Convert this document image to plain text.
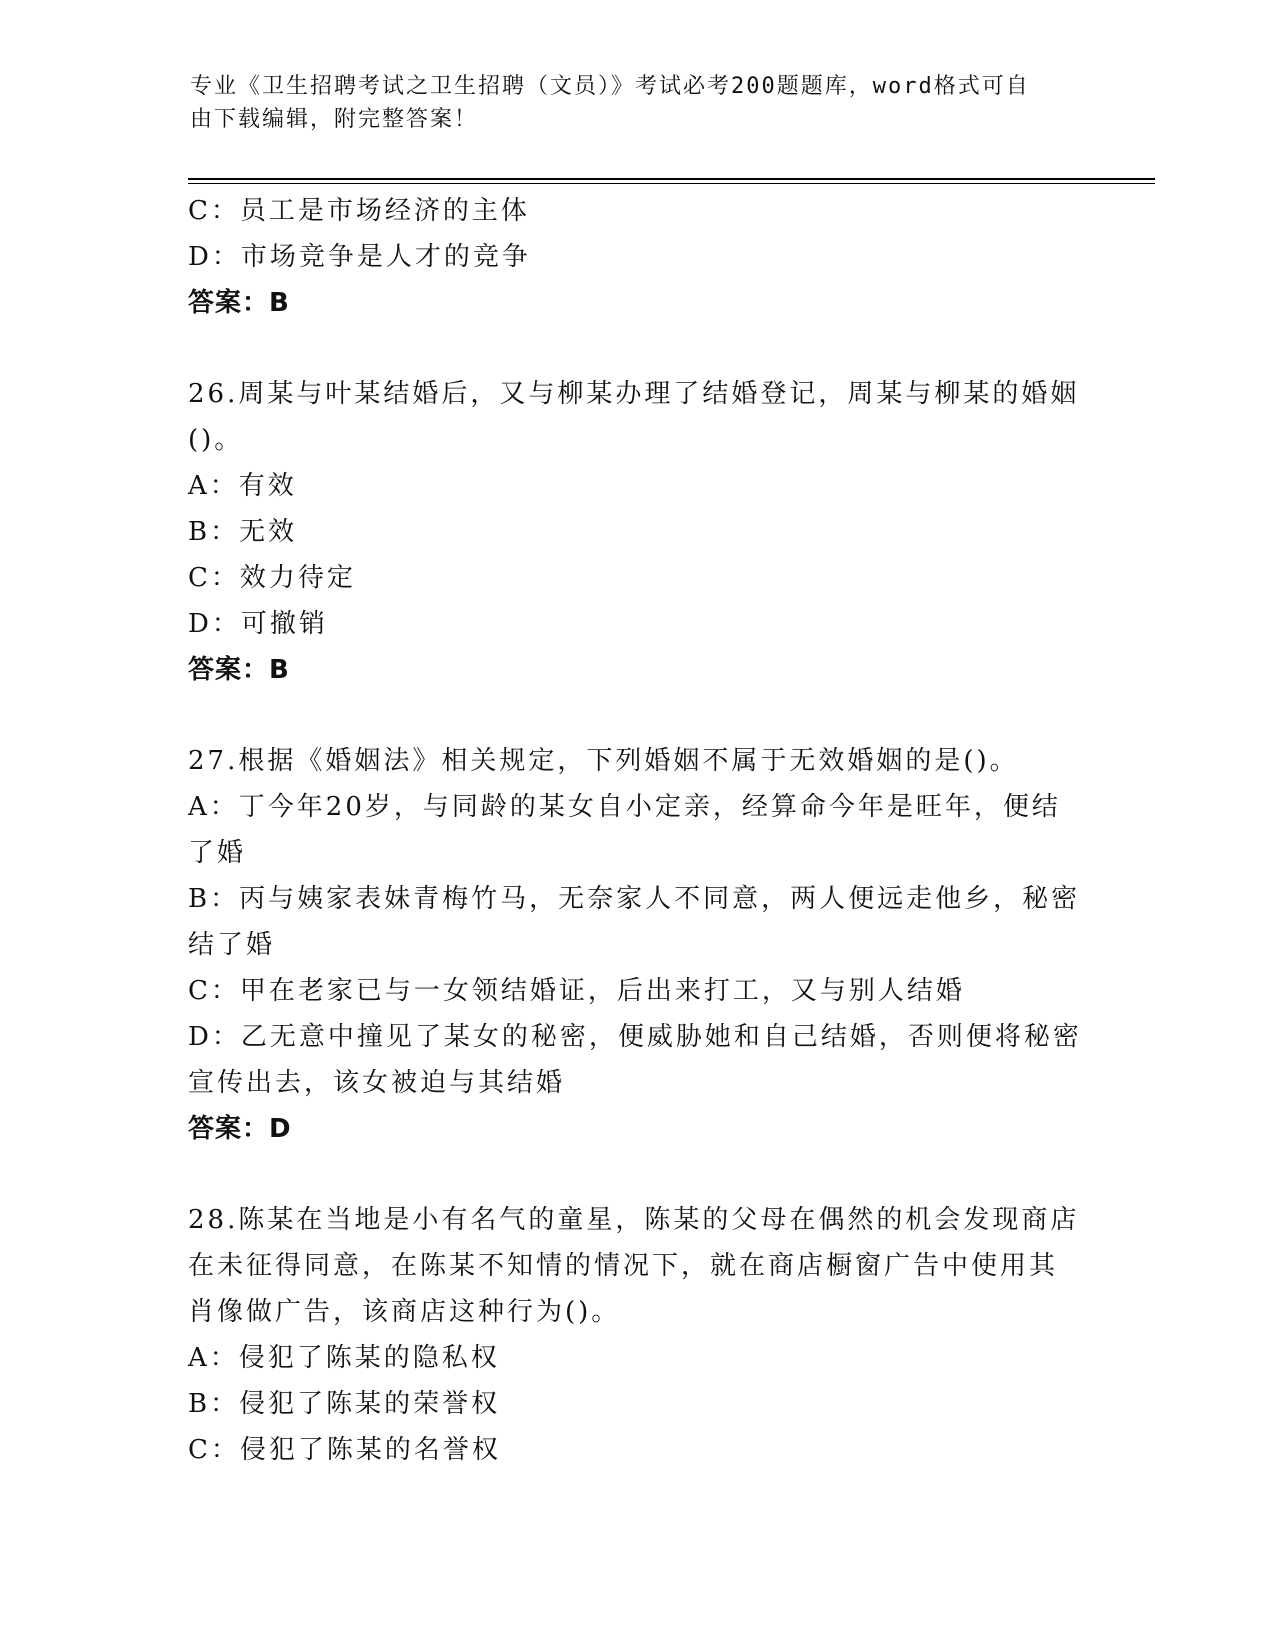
专业《卫生招聘考试之卫生招聘（文员）》考试必考200题题库，word格式可自
由下载编辑，附完整答案！
C：员工是市场经济的主体
D：市场竞争是人才的竞争
答案：B
26.周某与叶某结婚后，又与柳某办理了结婚登记，周某与柳某的婚姻
()。
A：有效
B：无效
C：效力待定
D：可撤销
答案：B
27.根据《婚姻法》相关规定，下列婚姻不属于无效婚姻的是()。
A：丁今年20岁，与同龄的某女自小定亲，经算命今年是旺年，便结
了婚
B：丙与姨家表妹青梅竹马，无奈家人不同意，两人便远走他乡，秘密
结了婚
C：甲在老家已与一女领结婚证，后出来打工，又与别人结婚
D：乙无意中撞见了某女的秘密，便威胁她和自己结婚，否则便将秘密
宣传出去，该女被迫与其结婚
答案：D
28.陈某在当地是小有名气的童星，陈某的父母在偶然的机会发现商店
在未征得同意，在陈某不知情的情况下，就在商店橱窗广告中使用其
肖像做广告，该商店这种行为()。
A：侵犯了陈某的隐私权
B：侵犯了陈某的荣誉权
C：侵犯了陈某的名誉权
